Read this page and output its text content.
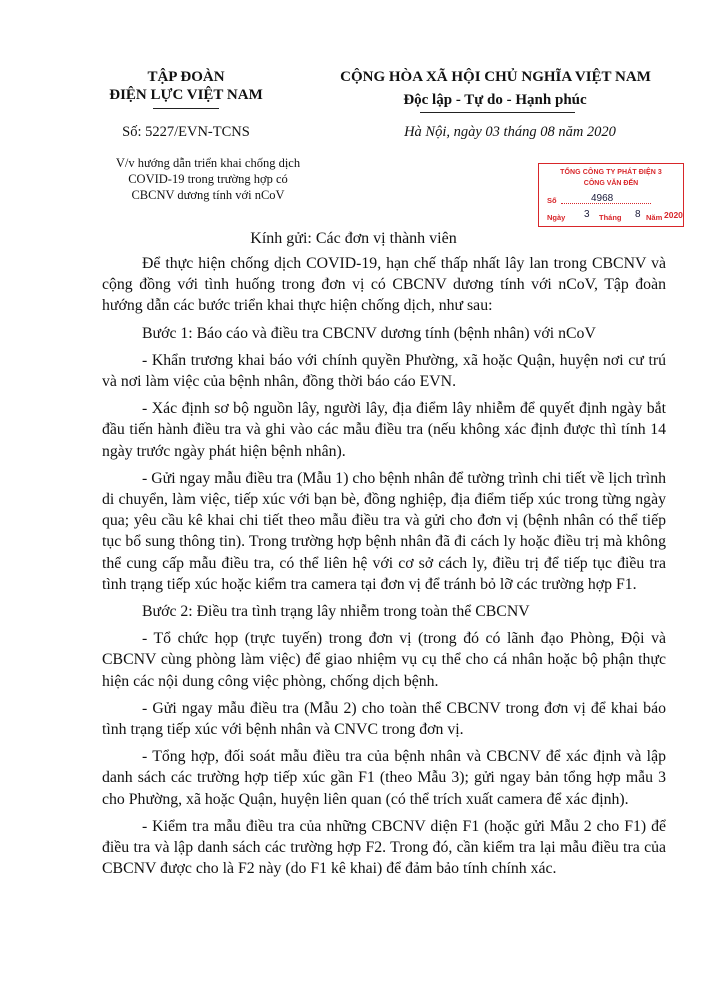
TẬP ĐOÀN
ĐIỆN LỰC VIỆT NAM
Số: 5227/EVN-TCNS
V/v hướng dẫn triển khai chống dịch COVID-19 trong trường hợp có CBCNV dương tính với nCoV
CỘNG HÒA XÃ HỘI CHỦ NGHĨA VIỆT NAM
Độc lập - Tự do - Hạnh phúc
Hà Nội, ngày 03 tháng 08 năm 2020
TỔNG CÔNG TY PHÁT ĐIỆN 3
CÔNG VĂN ĐẾN
Số	4968
Ngày 3 Tháng 8 Năm 2020
Kính gửi: Các đơn vị thành viên

Để thực hiện chống dịch COVID-19, hạn chế thấp nhất lây lan trong CBCNV và cộng đồng với tình huống trong đơn vị có CBCNV dương tính với nCoV, Tập đoàn hướng dẫn các bước triển khai thực hiện chống dịch, như sau:

Bước 1: Báo cáo và điều tra CBCNV dương tính (bệnh nhân) với nCoV

- Khẩn trương khai báo với chính quyền Phường, xã hoặc Quận, huyện nơi cư trú và nơi làm việc của bệnh nhân, đồng thời báo cáo EVN.

- Xác định sơ bộ nguồn lây, người lây, địa điểm lây nhiễm để quyết định ngày bắt đầu tiến hành điều tra và ghi vào các mẫu điều tra (nếu không xác định được thì tính 14 ngày trước ngày phát hiện bệnh nhân).

- Gửi ngay mẫu điều tra (Mẫu 1) cho bệnh nhân để tường trình chi tiết về lịch trình di chuyển, làm việc, tiếp xúc với bạn bè, đồng nghiệp, địa điểm tiếp xúc trong từng ngày qua; yêu cầu kê khai chi tiết theo mẫu điều tra và gửi cho đơn vị (bệnh nhân có thể tiếp tục bổ sung thông tin). Trong trường hợp bệnh nhân đã đi cách ly hoặc điều trị mà không thể cung cấp mẫu điều tra, có thể liên hệ với cơ sở cách ly, điều trị để tiếp tục điều tra tình trạng tiếp xúc hoặc kiểm tra camera tại đơn vị để tránh bỏ lỡ các trường hợp F1.

Bước 2: Điều tra tình trạng lây nhiễm trong toàn thể CBCNV

- Tổ chức họp (trực tuyến) trong đơn vị (trong đó có lãnh đạo Phòng, Đội và CBCNV cùng phòng làm việc) để giao nhiệm vụ cụ thể cho cá nhân hoặc bộ phận thực hiện các nội dung công việc phòng, chống dịch bệnh.

- Gửi ngay mẫu điều tra (Mẫu 2) cho toàn thể CBCNV trong đơn vị để khai báo tình trạng tiếp xúc với bệnh nhân và CNVC trong đơn vị.

- Tổng hợp, đối soát mẫu điều tra của bệnh nhân và CBCNV để xác định và lập danh sách các trường hợp tiếp xúc gần F1 (theo Mẫu 3); gửi ngay bản tổng hợp mẫu 3 cho Phường, xã hoặc Quận, huyện liên quan (có thể trích xuất camera để xác định).

- Kiểm tra mẫu điều tra của những CBCNV diện F1 (hoặc gửi Mẫu 2 cho F1) để điều tra và lập danh sách các trường hợp F2. Trong đó, cần kiểm tra lại mẫu điều tra của CBCNV được cho là F2 này (do F1 kê khai) để đảm bảo tính chính xác.
